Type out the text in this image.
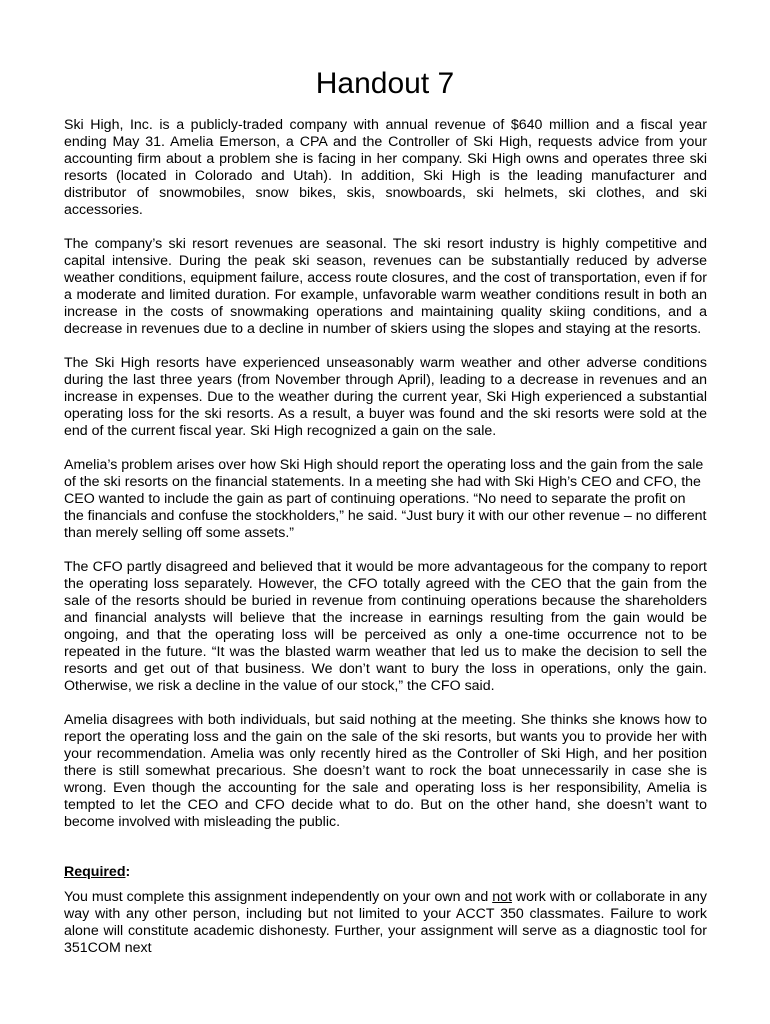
Handout 7

Ski High, Inc. is a publicly-traded company with annual revenue of $640 million and a fiscal year ending May 31. Amelia Emerson, a CPA and the Controller of Ski High, requests advice from your accounting firm about a problem she is facing in her company. Ski High owns and operates three ski resorts (located in Colorado and Utah). In addition, Ski High is the leading manufacturer and distributor of snowmobiles, snow bikes, skis, snowboards, ski helmets, ski clothes, and ski accessories.

The company’s ski resort revenues are seasonal. The ski resort industry is highly competitive and capital intensive. During the peak ski season, revenues can be substantially reduced by adverse weather conditions, equipment failure, access route closures, and the cost of transportation, even if for a moderate and limited duration. For example, unfavorable warm weather conditions result in both an increase in the costs of snowmaking operations and maintaining quality skiing conditions, and a decrease in revenues due to a decline in number of skiers using the slopes and staying at the resorts.

The Ski High resorts have experienced unseasonably warm weather and other adverse conditions during the last three years (from November through April), leading to a decrease in revenues and an increase in expenses. Due to the weather during the current year, Ski High experienced a substantial operating loss for the ski resorts. As a result, a buyer was found and the ski resorts were sold at the end of the current fiscal year. Ski High recognized a gain on the sale.

Amelia’s problem arises over how Ski High should report the operating loss and the gain from the sale of the ski resorts on the financial statements. In a meeting she had with Ski High’s CEO and CFO, the CEO wanted to include the gain as part of continuing operations. “No need to separate the profit on the financials and confuse the stockholders,” he said. “Just bury it with our other revenue – no different than merely selling off some assets.”

The CFO partly disagreed and believed that it would be more advantageous for the company to report the operating loss separately. However, the CFO totally agreed with the CEO that the gain from the sale of the resorts should be buried in revenue from continuing operations because the shareholders and financial analysts will believe that the increase in earnings resulting from the gain would be ongoing, and that the operating loss will be perceived as only a one-time occurrence not to be repeated in the future. “It was the blasted warm weather that led us to make the decision to sell the resorts and get out of that business. We don’t want to bury the loss in operations, only the gain. Otherwise, we risk a decline in the value of our stock,” the CFO said.

Amelia disagrees with both individuals, but said nothing at the meeting. She thinks she knows how to report the operating loss and the gain on the sale of the ski resorts, but wants you to provide her with your recommendation. Amelia was only recently hired as the Controller of Ski High, and her position there is still somewhat precarious. She doesn’t want to rock the boat unnecessarily in case she is wrong. Even though the accounting for the sale and operating loss is her responsibility, Amelia is tempted to let the CEO and CFO decide what to do. But on the other hand, she doesn’t want to become involved with misleading the public.

Required:

You must complete this assignment independently on your own and not work with or collaborate in any way with any other person, including but not limited to your ACCT 350 classmates. Failure to work alone will constitute academic dishonesty. Further, your assignment will serve as a diagnostic tool for 351COM next
